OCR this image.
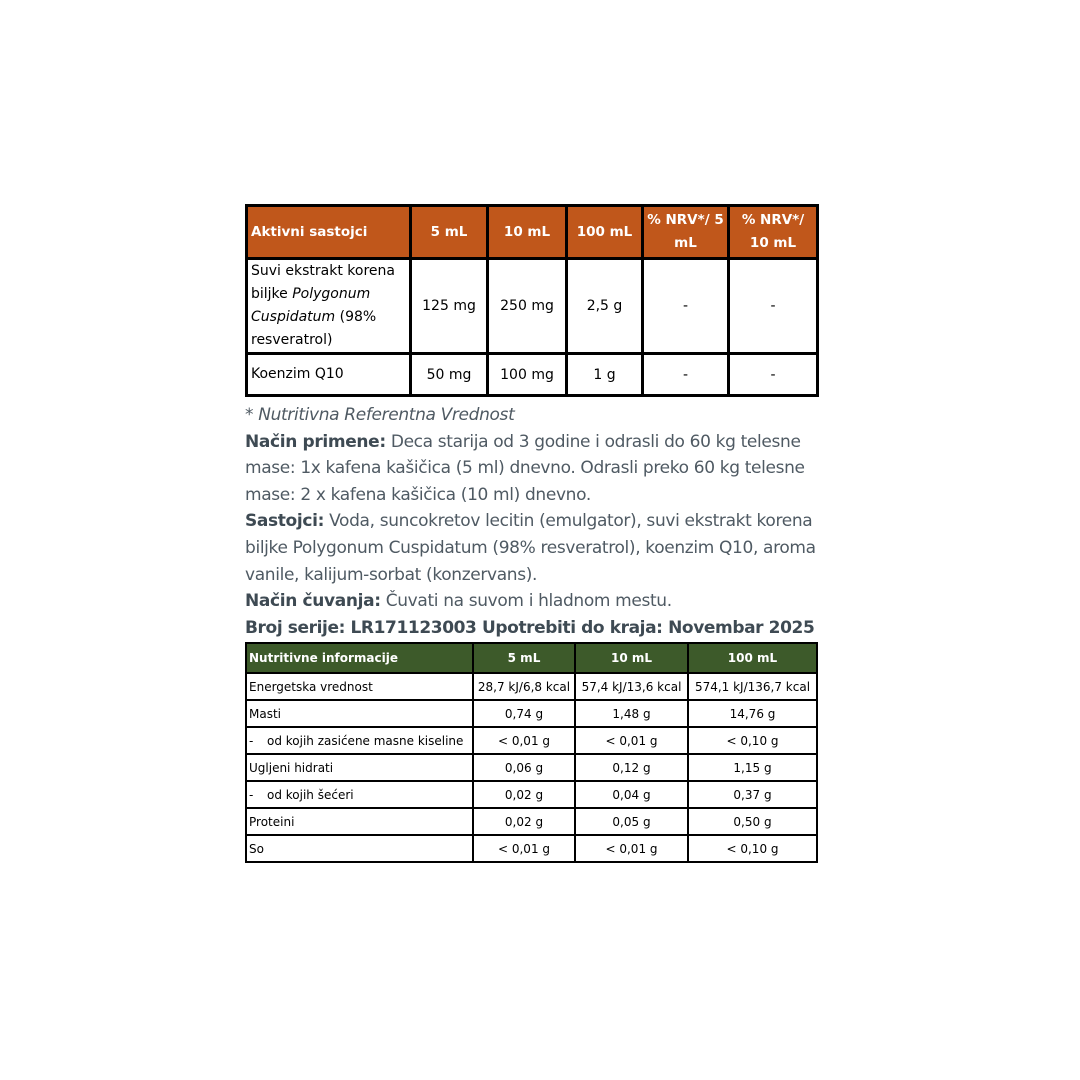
Aktivni sastojci	5 mL	10 mL	100 mL	% NRV*/ 5 mL	% NRV*/ 10 mL
Suvi ekstrakt korena biljke Polygonum Cuspidatum (98% resveratrol)	125 mg	250 mg	2,5 g	-	-
Koenzim Q10	50 mg	100 mg	1 g	-	-

* Nutritivna Referentna Vrednost

Način primene: Deca starija od 3 godine i odrasli do 60 kg telesne mase: 1x kafena kašičica (5 ml) dnevno. Odrasli preko 60 kg telesne mase: 2 x kafena kašičica (10 ml) dnevno.

Sastojci: Voda, suncokretov lecitin (emulgator), suvi ekstrakt korena biljke Polygonum Cuspidatum (98% resveratrol), koenzim Q10, aroma vanile, kalijum-sorbat (konzervans).

Način čuvanja: Čuvati na suvom i hladnom mestu.

Broj serije: LR171123003 Upotrebiti do kraja: Novembar 2025

Nutritivne informacije	5 mL	10 mL	100 mL
Energetska vrednost	28,7 kJ/6,8 kcal	57,4 kJ/13,6 kcal	574,1 kJ/136,7 kcal
Masti	0,74 g	1,48 g	14,76 g
- od kojih zasićene masne kiseline	< 0,01 g	< 0,01 g	< 0,10 g
Ugljeni hidrati	0,06 g	0,12 g	1,15 g
- od kojih šećeri	0,02 g	0,04 g	0,37 g
Proteini	0,02 g	0,05 g	0,50 g
So	< 0,01 g	< 0,01 g	< 0,10 g
